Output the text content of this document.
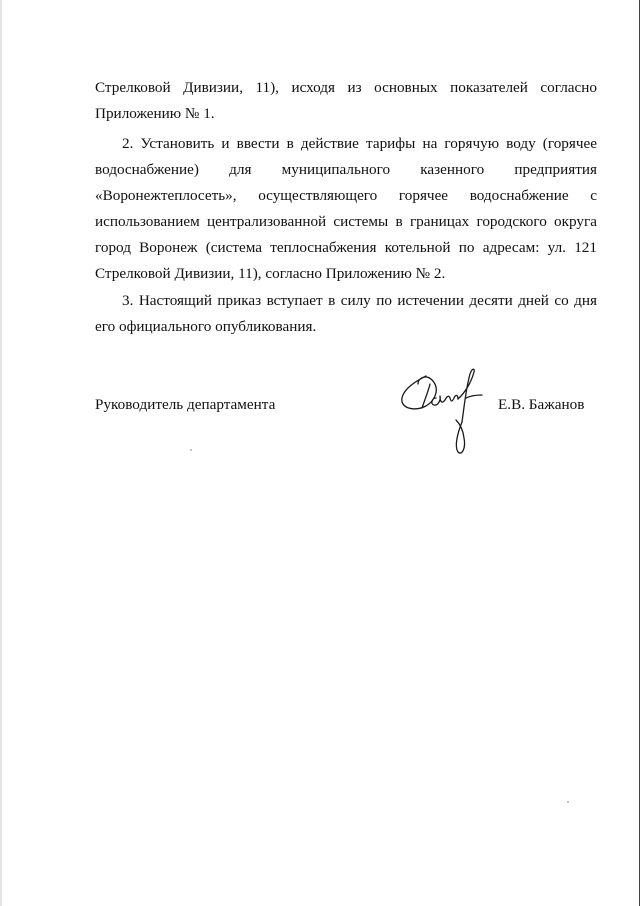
Стрелковой Дивизии, 11), исходя из основных показателей согласно
Приложению № 1.
2. Установить и ввести в действие тарифы на горячую воду (горячее
водоснабжение) для муниципального казенного предприятия
«Воронежтеплосеть», осуществляющего горячее водоснабжение с
использованием централизованной системы в границах городского округа
город Воронеж (система теплоснабжения котельной по адресам: ул. 121
Стрелковой Дивизии, 11), согласно Приложению № 2.
3. Настоящий приказ вступает в силу по истечении десяти дней со дня
его официального опубликования.
Руководитель департамента	Е.В. Бажанов
